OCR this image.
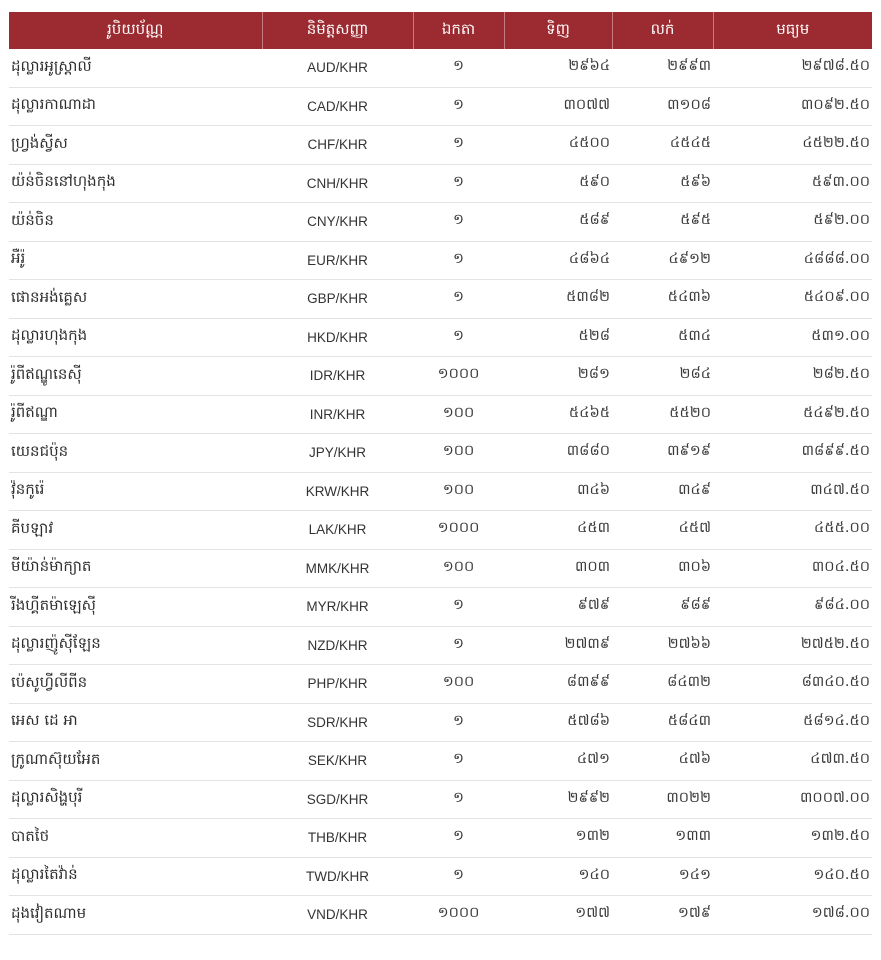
រូបិយប័ណ្ណ	និមិត្តសញ្ញា	ឯកតា	ទិញ	លក់	មធ្យម
ដុល្លារអូស្ត្រាលី	AUD/KHR	១	២៩៦៤	២៩៩៣	២៩៧៨.៥០
ដុល្លារកាណាដា	CAD/KHR	១	៣០៧៧	៣១០៨	៣០៩២.៥០
ហ្វ្រង់ស្វីស	CHF/KHR	១	៤៥០០	៤៥៤៥	៤៥២២.៥០
យ៉ន់ចិននៅហុងកុង	CNH/KHR	១	៥៩០	៥៩៦	៥៩៣.០០
យ៉ន់ចិន	CNY/KHR	១	៥៨៩	៥៩៥	៥៩២.០០
អឺរ៉ូ	EUR/KHR	១	៤៨៦៤	៤៩១២	៤៨៨៨.០០
ផោនអង់គ្លេស	GBP/KHR	១	៥៣៨២	៥៤៣៦	៥៤០៩.០០
ដុល្លារហុងកុង	HKD/KHR	១	៥២៨	៥៣៤	៥៣១.០០
រ៉ូពីឥណ្ឌូនេស៊ី	IDR/KHR	១០០០	២៨១	២៨៤	២៨២.៥០
រ៉ូពីឥណ្ឌា	INR/KHR	១០០	៥៤៦៥	៥៥២០	៥៤៩២.៥០
យេនជប៉ុន	JPY/KHR	១០០	៣៨៨០	៣៩១៩	៣៨៩៩.៥០
វ៉ុនកូរ៉េ	KRW/KHR	១០០	៣៤៦	៣៤៩	៣៤៧.៥០
គីបឡាវ	LAK/KHR	១០០០	៤៥៣	៤៥៧	៤៥៥.០០
មីយ៉ាន់ម៉ាក្យាត	MMK/KHR	១០០	៣០៣	៣០៦	៣០៤.៥០
រីងហ្គីតម៉ាឡេស៊ី	MYR/KHR	១	៩៧៩	៩៨៩	៩៨៤.០០
ដុល្លារញ៉ូស៊ីឡែន	NZD/KHR	១	២៧៣៩	២៧៦៦	២៧៥២.៥០
ប៉េសូហ្វីលីពីន	PHP/KHR	១០០	៨៣៩៩	៨៤៣២	៨៣៤០.៥០
អេស ដេ អា	SDR/KHR	១	៥៧៨៦	៥៨៤៣	៥៨១៤.៥០
ក្រូណាស៊ុយអែត	SEK/KHR	១	៤៧១	៤៧៦	៤៧៣.៥០
ដុល្លារសិង្ហបុរី	SGD/KHR	១	២៩៩២	៣០២២	៣០០៧.០០
បាតថៃ	THB/KHR	១	១៣២	១៣៣	១៣២.៥០
ដុល្លារតៃវ៉ាន់	TWD/KHR	១	១៤០	១៤១	១៤០.៥០
ដុងវៀតណាម	VND/KHR	១០០០	១៧៧	១៧៩	១៧៨.០០
